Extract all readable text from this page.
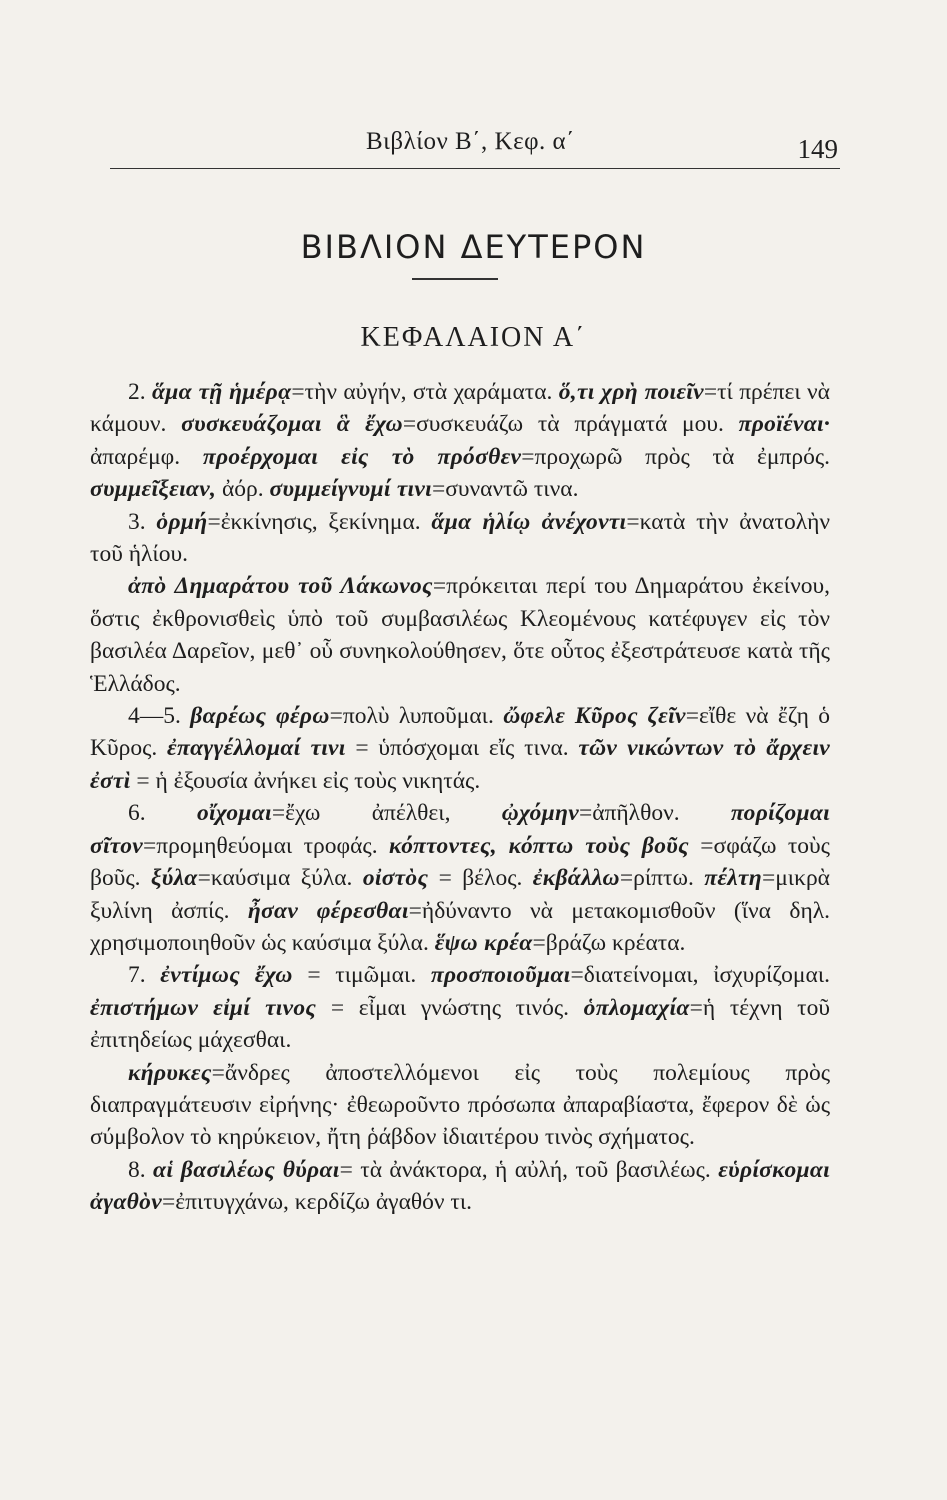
Βιβλίον Β΄, Κεφ. α΄	149
ΒΙΒΛΙΟΝ ΔΕΥΤΕΡΟΝ
ΚΕΦΑΛΑΙΟΝ Α΄

2. ἅμα τῇ ἡμέρᾳ=τὴν αὐγήν, στὰ χαράματα. ὅ,τι χρὴ ποιεῖν=τί πρέπει νὰ κάμουν. συσκευάζομαι ἃ ἔχω=συσκευάζω τὰ πράγματά μου. προϊέναι· ἀπαρέμφ. προέρχομαι εἰς τὸ πρόσθεν=προχωρῶ πρὸς τὰ ἐμπρός. συμμεῖξειαν, ἀόρ. συμμείγνυμί τινι=συναντῶ τινα.

3. ὁρμή=ἐκκίνησις, ξεκίνημα. ἅμα ἡλίῳ ἀνέχοντι=κατὰ τὴν ἀνατολὴν τοῦ ἡλίου.

ἀπὸ Δημαράτου τοῦ Λάκωνος=πρόκειται περί του Δημαράτου ἐκείνου, ὅστις ἐκθρονισθεὶς ὑπὸ τοῦ συμβασιλέως Κλεομένους κατέφυγεν εἰς τὸν βασιλέα Δαρεῖον, μεθ᾽ οὗ συνηκολούθησεν, ὅτε οὗτος ἐξεστράτευσε κατὰ τῆς Ἑλλάδος.

4—5. βαρέως φέρω=πολὺ λυποῦμαι. ὤφελε Κῦρος ζεῖν=εἴθε νὰ ἔζη ὁ Κῦρος. ἐπαγγέλλομαί τινι = ὑπόσχομαι εἴς τινα. τῶν νικώντων τὸ ἄρχειν ἐστὶ = ἡ ἐξουσία ἀνήκει εἰς τοὺς νικητάς.

6. οἴχομαι=ἔχω ἀπέλθει, ᾠχόμην=ἀπῆλθον. πορίζομαι σῖτον=προμηθεύομαι τροφάς. κόπτοντες, κόπτω τοὺς βοῦς =σφάζω τοὺς βοῦς. ξύλα=καύσιμα ξύλα. οἰστὸς = βέλος. ἐκβάλλω=ρίπτω. πέλτη=μικρὰ ξυλίνη ἀσπίς. ἦσαν φέρεσθαι=ἠδύναντο νὰ μετακομισθοῦν (ἵνα δηλ. χρησιμοποιηθοῦν ὡς καύσιμα ξύλα. ἕψω κρέα=βράζω κρέατα.

7. ἐντίμως ἔχω = τιμῶμαι. προσποιοῦμαι=διατείνομαι, ἰσχυρίζομαι. ἐπιστήμων εἰμί τινος = εἶμαι γνώστης τινός. ὁπλομαχία=ἡ τέχνη τοῦ ἐπιτηδείως μάχεσθαι.

κήρυκες=ἄνδρες ἀποστελλόμενοι εἰς τοὺς πολεμίους πρὸς διαπραγμάτευσιν εἰρήνης· ἐθεωροῦντο πρόσωπα ἀπαραβίαστα, ἔφερον δὲ ὡς σύμβολον τὸ κηρύκειον, ἤτη ῥάβδον ἰδιαιτέρου τινὸς σχήματος.

8. αἱ βασιλέως θύραι= τὰ ἀνάκτορα, ἡ αὐλή, τοῦ βασιλέως. εὑρίσκομαι ἀγαθὸν=ἐπιτυγχάνω, κερδίζω ἀγαθόν τι.
